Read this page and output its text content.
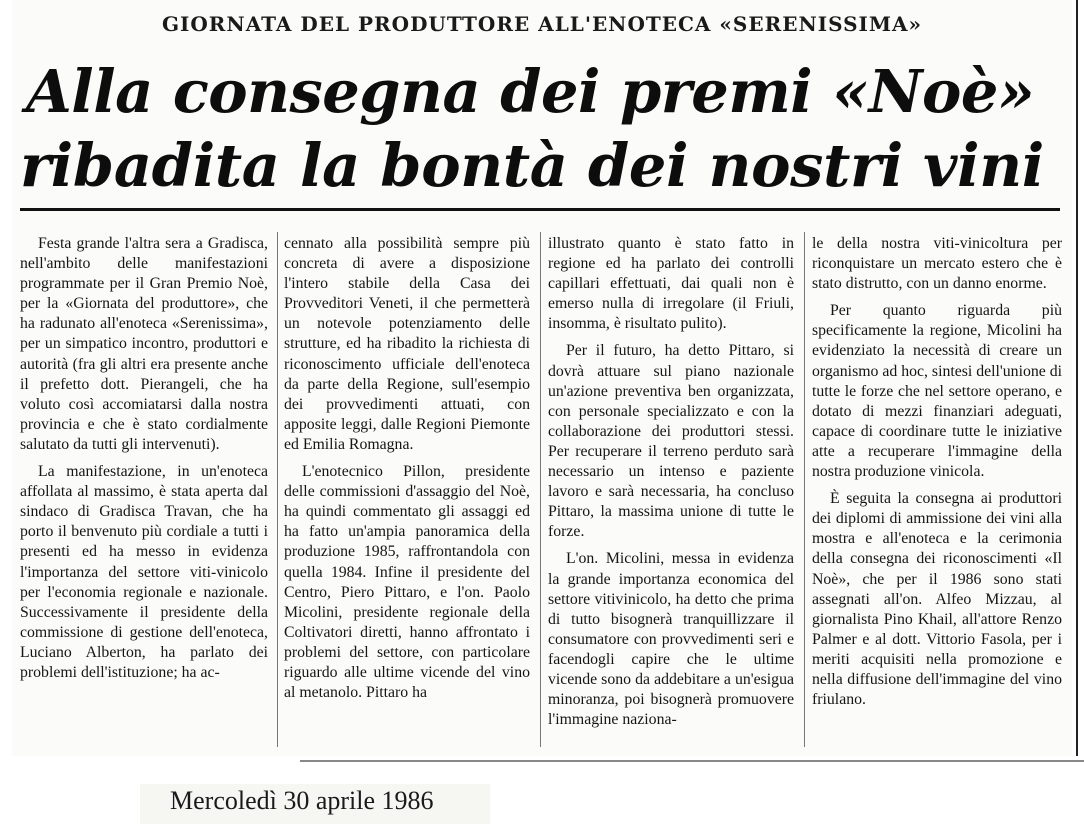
GIORNATA DEL PRODUTTORE ALL'ENOTECA «SERENISSIMA»
Alla consegna dei premi «Noè»
ribadita la bontà dei nostri vini

Festa grande l'altra sera a Gradisca, nell'ambito delle manifestazioni programmate per il Gran Premio Noè, per la «Giornata del produttore», che ha radunato all'enoteca «Serenissima», per un simpatico incontro, produttori e autorità (fra gli altri era presente anche il prefetto dott. Pierangeli, che ha voluto così accomiatarsi dalla nostra provincia e che è stato cordialmente salutato da tutti gli intervenuti).

La manifestazione, in un'enoteca affollata al massimo, è stata aperta dal sindaco di Gradisca Travan, che ha porto il benvenuto più cordiale a tutti i presenti ed ha messo in evidenza l'importanza del settore viti-vinicolo per l'economia regionale e nazionale. Successivamente il presidente della commissione di gestione dell'enoteca, Luciano Alberton, ha parlato dei problemi dell'istituzione; ha ac-

cennato alla possibilità sempre più concreta di avere a disposizione l'intero stabile della Casa dei Provveditori Veneti, il che permetterà un notevole potenziamento delle strutture, ed ha ribadito la richiesta di riconoscimento ufficiale dell'enoteca da parte della Regione, sull'esempio dei provvedimenti attuati, con apposite leggi, dalle Regioni Piemonte ed Emilia Romagna.

L'enotecnico Pillon, presidente delle commissioni d'assaggio del Noè, ha quindi commentato gli assaggi ed ha fatto un'ampia panoramica della produzione 1985, raffrontandola con quella 1984. Infine il presidente del Centro, Piero Pittaro, e l'on. Paolo Micolini, presidente regionale della Coltivatori diretti, hanno affrontato i problemi del settore, con particolare riguardo alle ultime vicende del vino al metanolo. Pittaro ha

illustrato quanto è stato fatto in regione ed ha parlato dei controlli capillari effettuati, dai quali non è emerso nulla di irregolare (il Friuli, insomma, è risultato pulito).

Per il futuro, ha detto Pittaro, si dovrà attuare sul piano nazionale un'azione preventiva ben organizzata, con personale specializzato e con la collaborazione dei produttori stessi. Per recuperare il terreno perduto sarà necessario un intenso e paziente lavoro e sarà necessaria, ha concluso Pittaro, la massima unione di tutte le forze.

L'on. Micolini, messa in evidenza la grande importanza economica del settore vitivinicolo, ha detto che prima di tutto bisognerà tranquillizzare il consumatore con provvedimenti seri e facendogli capire che le ultime vicende sono da addebitare a un'esigua minoranza, poi bisognerà promuovere l'immagine naziona-

le della nostra viti-vinicoltura per riconquistare un mercato estero che è stato distrutto, con un danno enorme.

Per quanto riguarda più specificamente la regione, Micolini ha evidenziato la necessità di creare un organismo ad hoc, sintesi dell'unione di tutte le forze che nel settore operano, e dotato di mezzi finanziari adeguati, capace di coordinare tutte le iniziative atte a recuperare l'immagine della nostra produzione vinicola.

È seguita la consegna ai produttori dei diplomi di ammissione dei vini alla mostra e all'enoteca e la cerimonia della consegna dei riconoscimenti «Il Noè», che per il 1986 sono stati assegnati all'on. Alfeo Mizzau, al giornalista Pino Khail, all'attore Renzo Palmer e al dott. Vittorio Fasola, per i meriti acquisiti nella promozione e nella diffusione dell'immagine del vino friulano.

Mercoledì 30 aprile 1986
